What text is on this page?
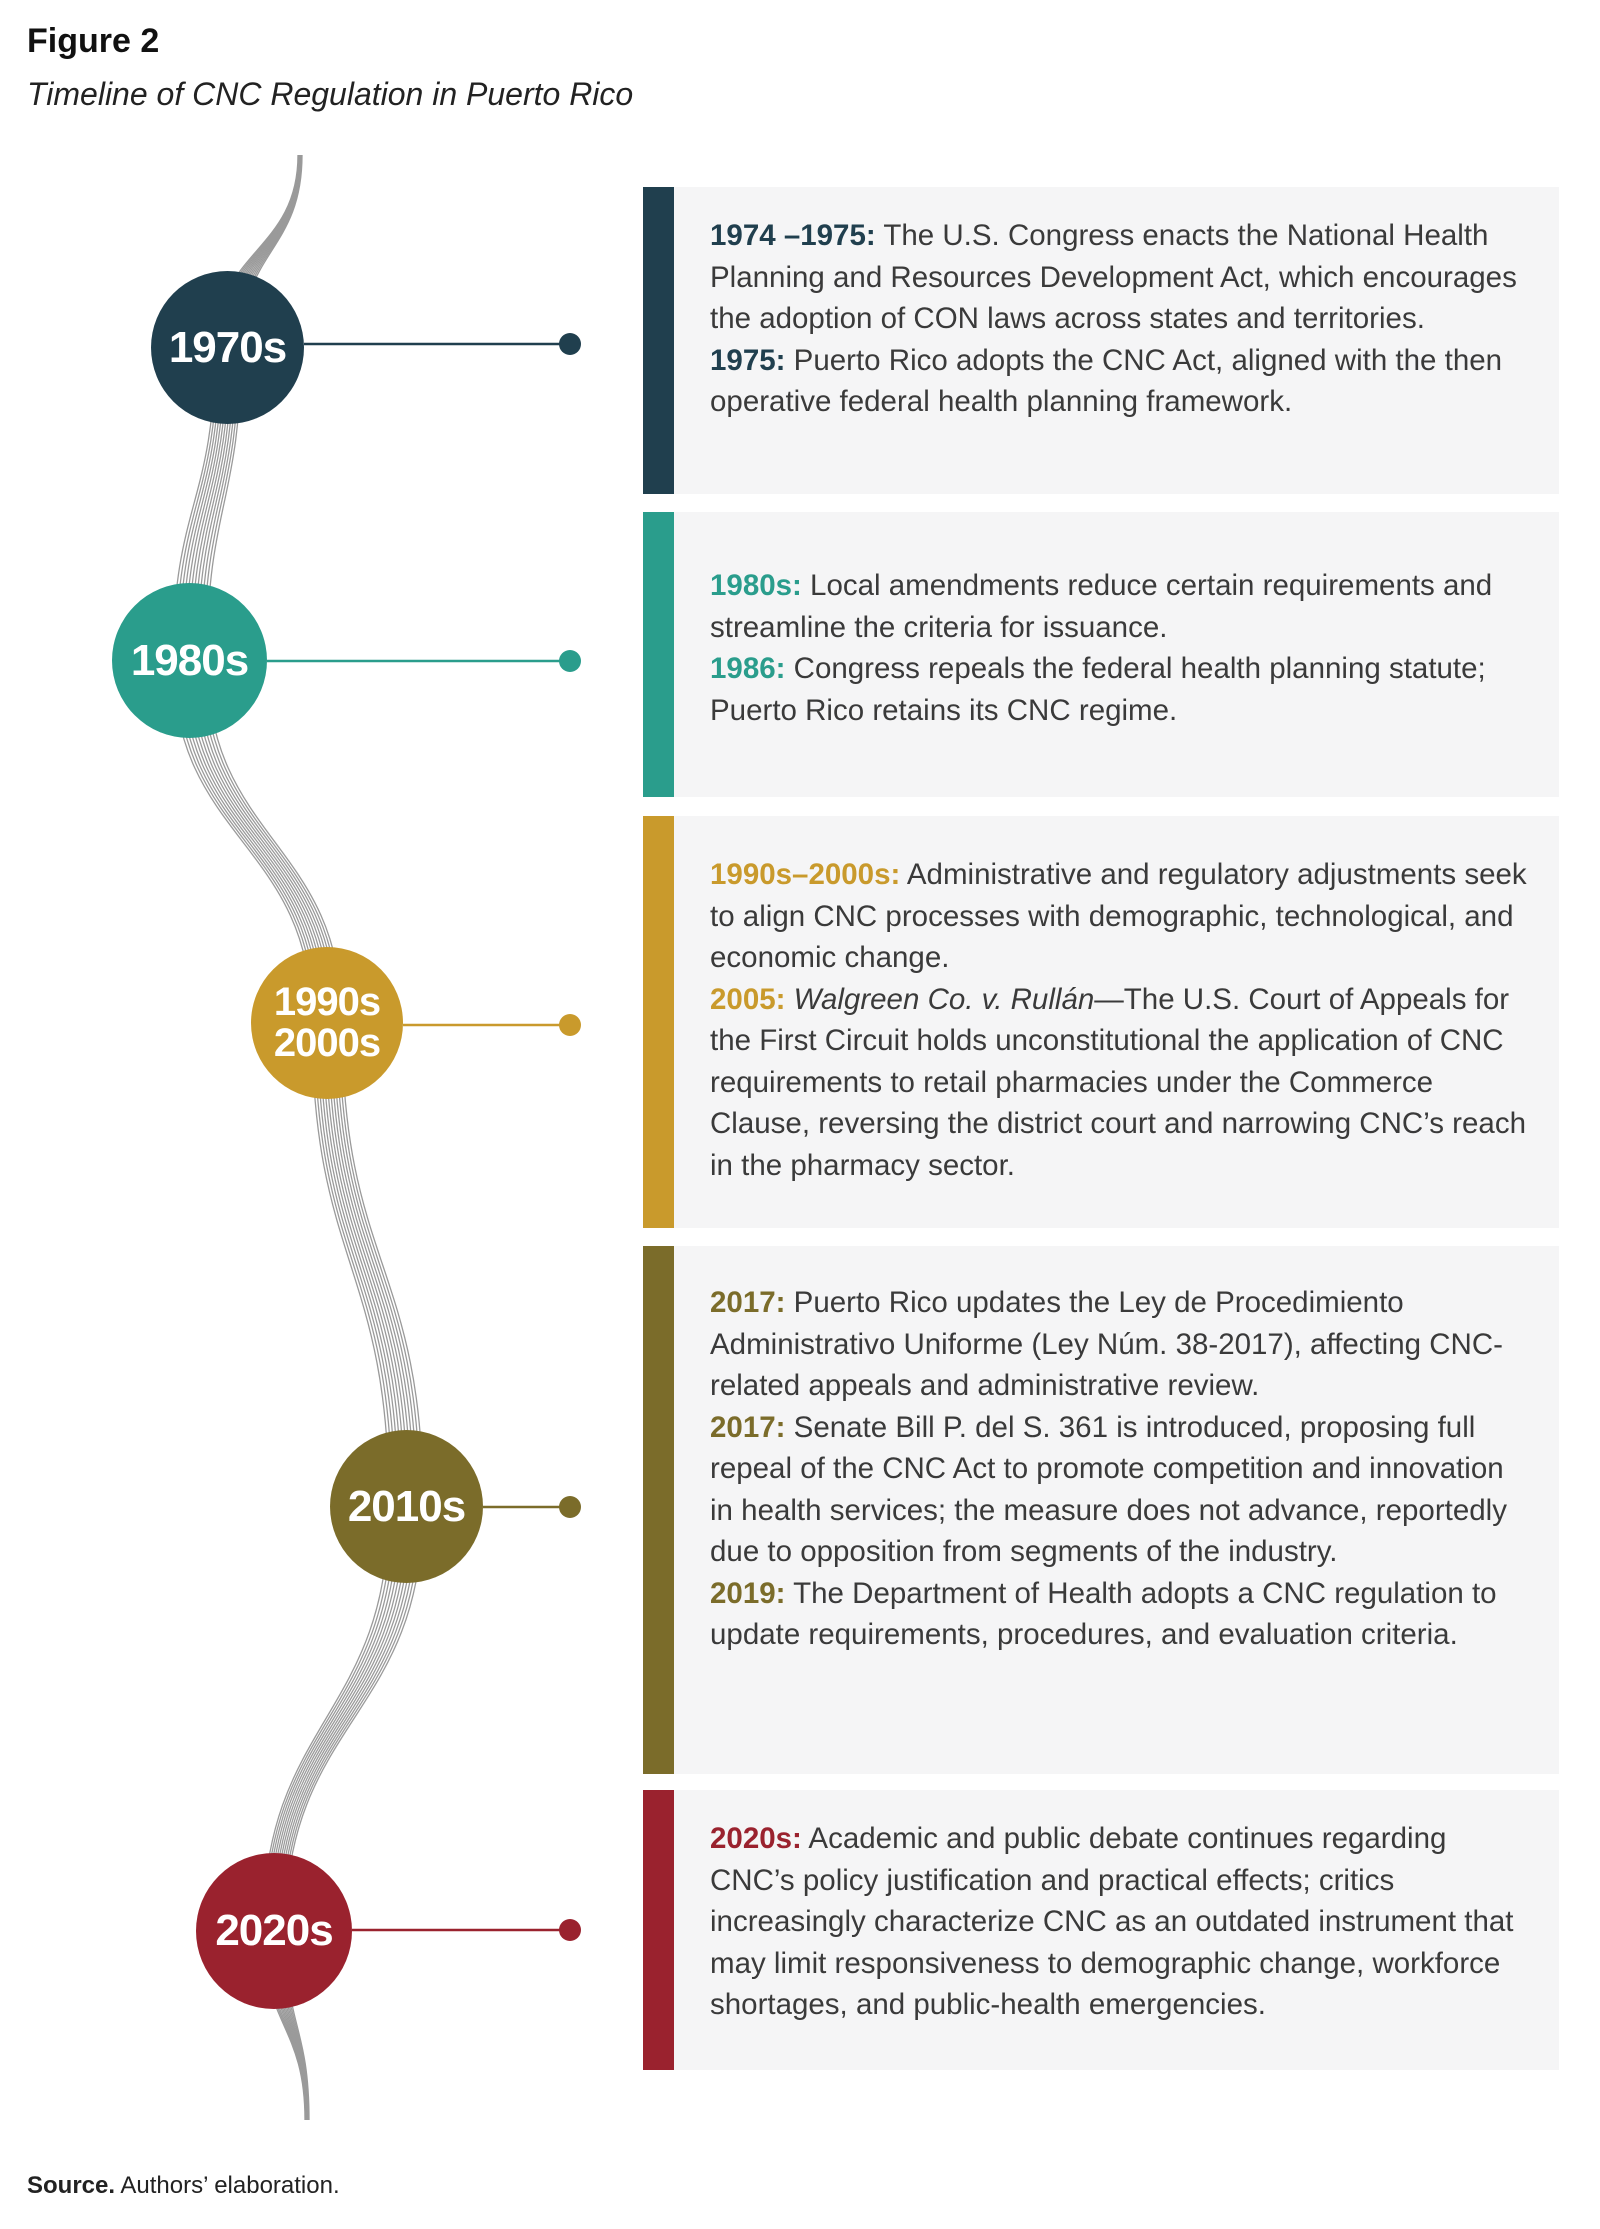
Figure 2
Timeline of CNC Regulation in Puerto Rico
1970s
1980s
1990s
2000s
2010s
2020s
1974 –1975: The U.S. Congress enacts the National Health Planning and Resources Development Act, which encourages the adoption of CON laws across states and territories.
1975: Puerto Rico adopts the CNC Act, aligned with the then operative federal health planning framework.
1980s: Local amendments reduce certain requirements and streamline the criteria for issuance.
1986: Congress repeals the federal health planning statute; Puerto Rico retains its CNC regime.
1990s–2000s: Administrative and regulatory adjustments seek to align CNC processes with demographic, technological, and economic change.
2005: Walgreen Co. v. Rullán—The U.S. Court of Appeals for the First Circuit holds unconstitutional the application of CNC requirements to retail pharmacies under the Commerce Clause, reversing the district court and narrowing CNC’s reach in the pharmacy sector.
2017: Puerto Rico updates the Ley de Procedimiento Administrativo Uniforme (Ley Núm. 38-2017), affecting CNC-related appeals and administrative review.
2017: Senate Bill P. del S. 361 is introduced, proposing full repeal of the CNC Act to promote competition and innovation in health services; the measure does not advance, reportedly due to opposition from segments of the industry.
2019: The Department of Health adopts a CNC regulation to update requirements, procedures, and evaluation criteria.
2020s: Academic and public debate continues regarding CNC’s policy justification and practical effects; critics increasingly characterize CNC as an outdated instrument that may limit responsiveness to demographic change, workforce shortages, and public-health emergencies.
Source. Authors’ elaboration.
